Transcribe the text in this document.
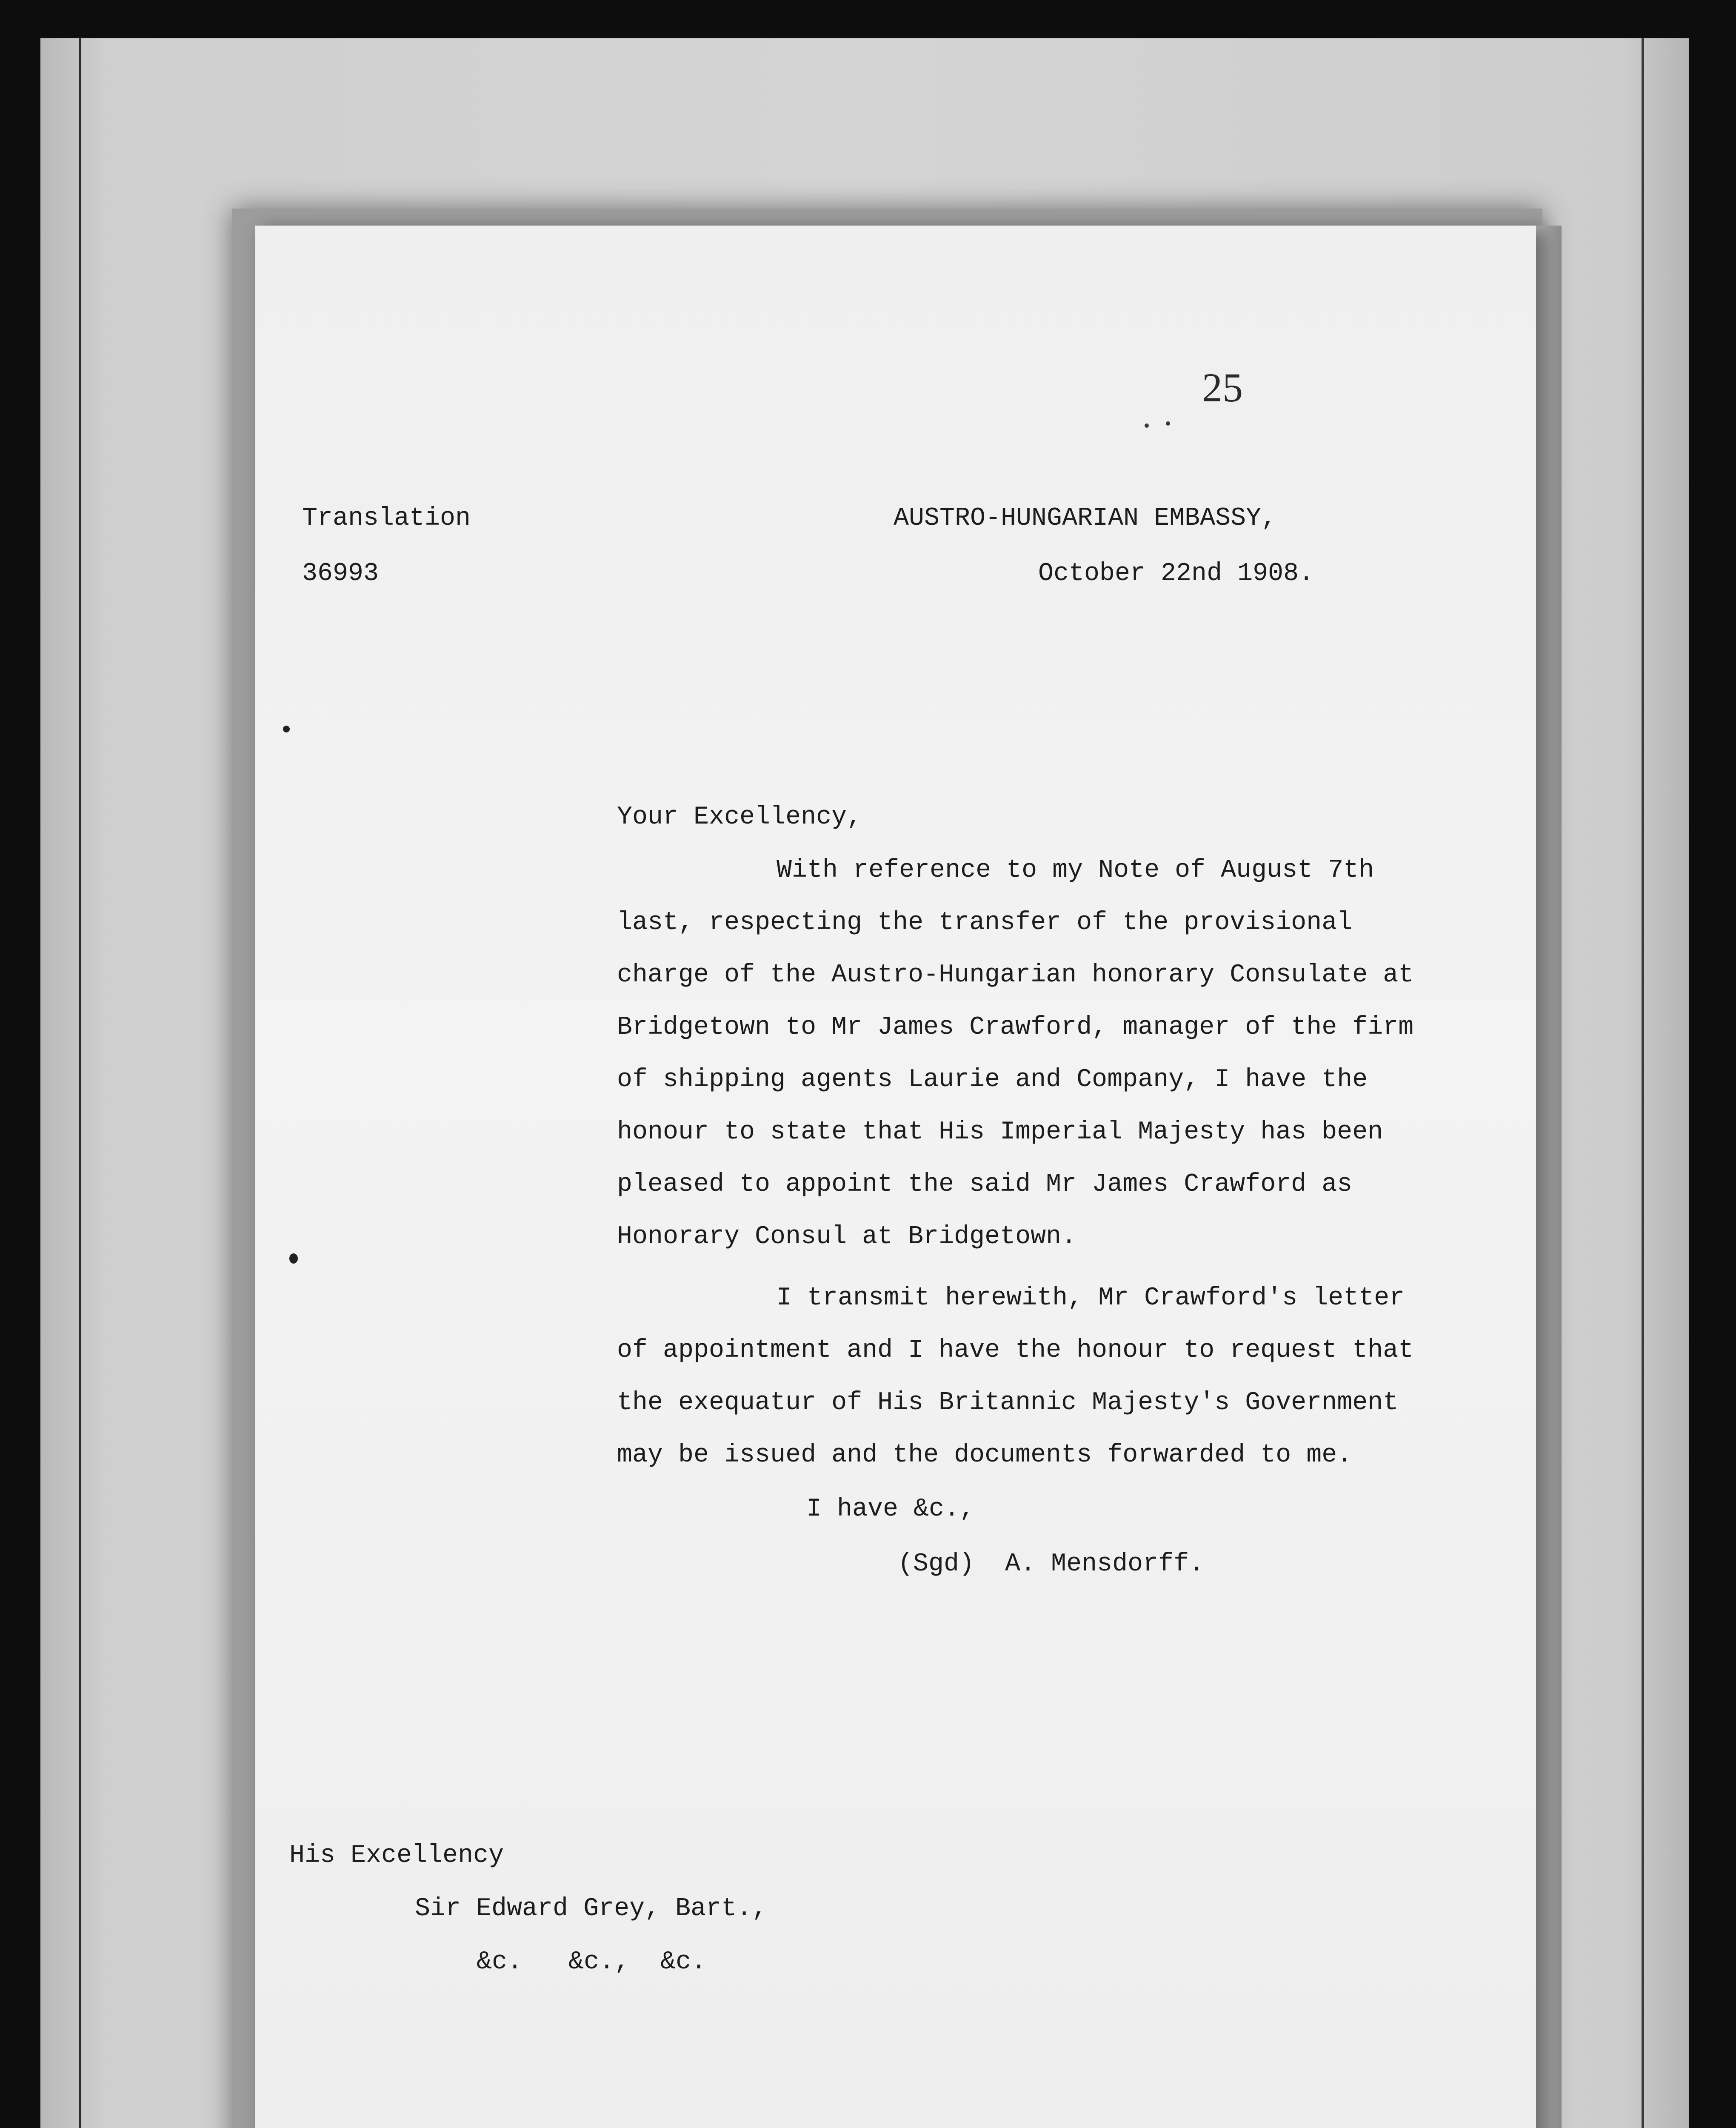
25
Translation
36993
AUSTRO-HUNGARIAN EMBASSY,
October 22nd 1908.
Your Excellency,
With reference to my Note of August 7th
last, respecting the transfer of the provisional
charge of the Austro-Hungarian honorary Consulate at
Bridgetown to Mr James Crawford, manager of the firm
of shipping agents Laurie and Company, I have the
honour to state that His Imperial Majesty has been
pleased to appoint the said Mr James Crawford as
Honorary Consul at Bridgetown.
I transmit herewith, Mr Crawford's letter
of appointment and I have the honour to request that
the exequatur of His Britannic Majesty's Government
may be issued and the documents forwarded to me.
I have &c.,
(Sgd)  A. Mensdorff.
His Excellency
Sir Edward Grey, Bart.,
&c.   &c.,  &c.
